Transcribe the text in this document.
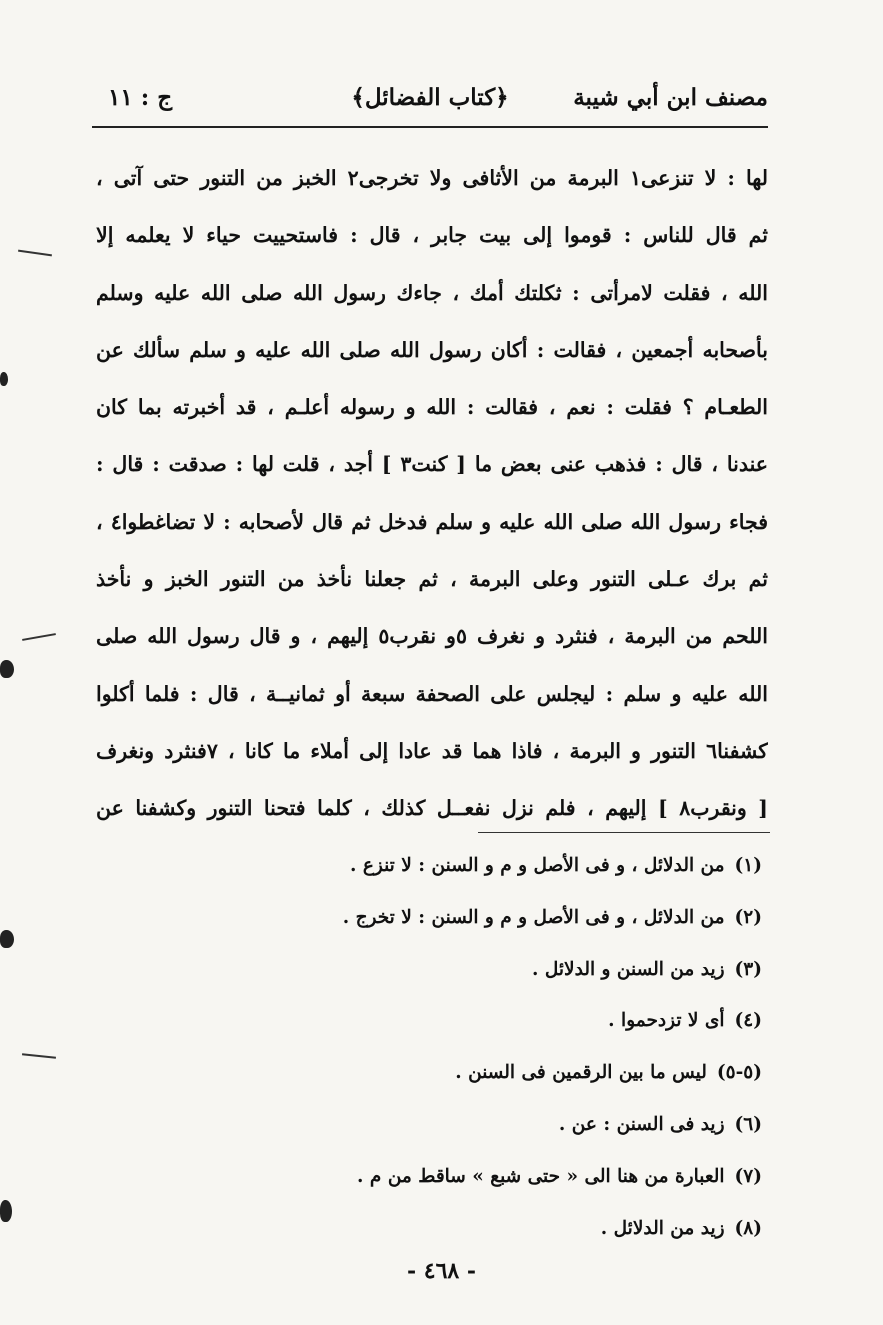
مصنف ابن أبي شيبة
﴿كتاب الفضائل﴾
ج : ١١
لها : لا تنزعى١ البرمة من الأثافى ولا تخرجى٢ الخبز من التنور حتى آتى ،
ثم قال للناس : قوموا إلى بيت جابر ، قال : فاستحييت حياء لا يعلمه إلا
الله ، فقلت لامرأتى : ثكلتك أمك ، جاءك رسول الله صلى الله عليه وسلم
بأصحابه أجمعين ، فقالت : أكان رسول الله صلى الله عليه و سلم سألك عن
الطعـام ؟ فقلت : نعم ، فقالت : الله و رسوله أعلـم ، قد أخبرته بما كان
عندنا ، قال : فذهب عنى بعض ما [ كنت٣ ] أجد ، قلت لها : صدقت : قال :
فجاء رسول الله صلى الله عليه و سلم فدخل ثم قال لأصحابه : لا تضاغطوا٤ ،
ثم برك عـلى التنور وعلى البرمة ، ثم جعلنا نأخذ من التنور الخبز و نأخذ
اللحم من البرمة ، فنثرد و نغرف ٥و نقرب٥ إليهم ، و قال رسول الله صلى
الله عليه و سلم : ليجلس على الصحفة سبعة أو ثمانيــة ، قال : فلما أكلوا
كشفنا٦ التنور و البرمة ، فاذا هما قد عادا إلى أملاء ما كانا ، ٧فنثرد ونغرف
[ ونقرب٨ ] إليهم ، فلم نزل نفعــل كذلك ، كلما فتحنا التنور وكشفنا عن
(١)من الدلائل ، و فى الأصل و م و السنن : لا تنزع .
(٢)من الدلائل ، و فى الأصل و م و السنن : لا تخرج .
(٣)زيد من السنن و الدلائل .
(٤)أى لا تزدحموا .
(٥-٥)ليس ما بين الرقمين فى السنن .
(٦)زيد فى السنن : عن .
(٧)العبارة من هنا الى « حتى شبع » ساقط من م .
(٨)زيد من الدلائل .
- ٤٦٨ -
